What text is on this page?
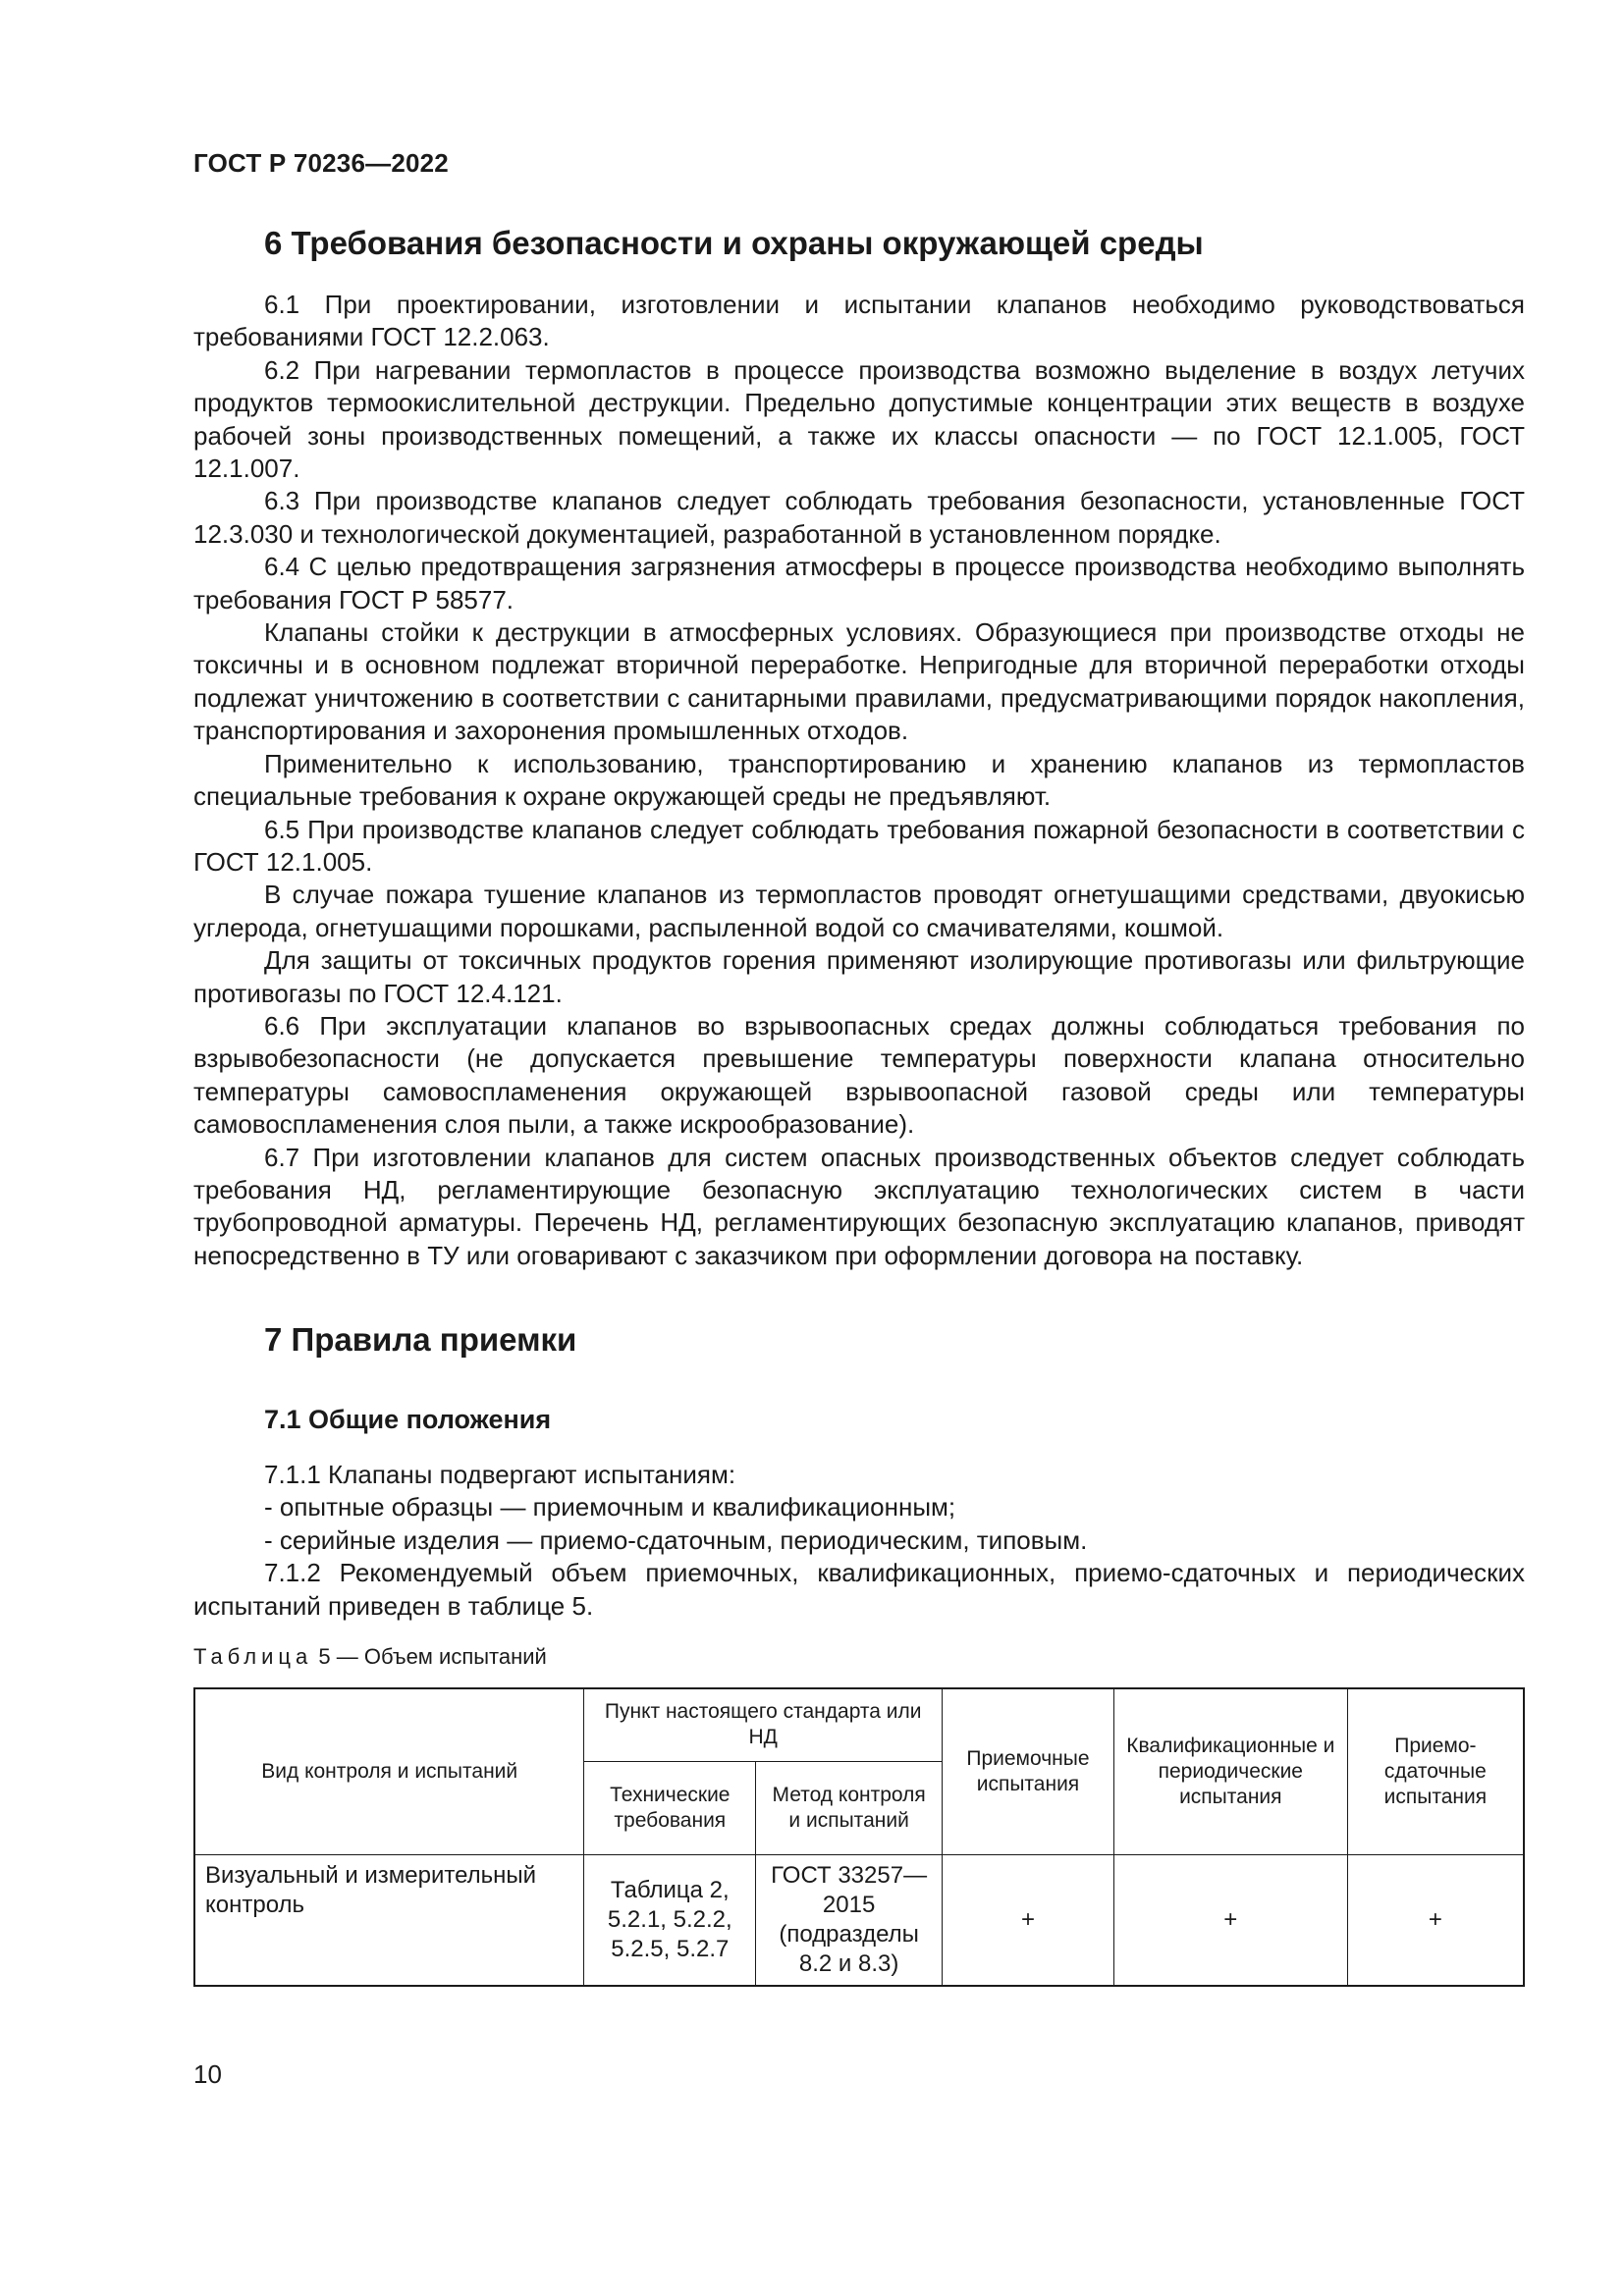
ГОСТ Р 70236—2022
6 Требования безопасности и охраны окружающей среды

6.1 При проектировании, изготовлении и испытании клапанов необходимо руководствоваться требованиями ГОСТ 12.2.063.

6.2 При нагревании термопластов в процессе производства возможно выделение в воздух летучих продуктов термоокислительной деструкции. Предельно допустимые концентрации этих веществ в воздухе рабочей зоны производственных помещений, а также их классы опасности — по ГОСТ 12.1.005, ГОСТ 12.1.007.

6.3 При производстве клапанов следует соблюдать требования безопасности, установленные ГОСТ 12.3.030 и технологической документацией, разработанной в установленном порядке.

6.4 С целью предотвращения загрязнения атмосферы в процессе производства необходимо выполнять требования ГОСТ Р 58577.

Клапаны стойки к деструкции в атмосферных условиях. Образующиеся при производстве отходы не токсичны и в основном подлежат вторичной переработке. Непригодные для вторичной переработки отходы подлежат уничтожению в соответствии с санитарными правилами, предусматривающими порядок накопления, транспортирования и захоронения промышленных отходов.

Применительно к использованию, транспортированию и хранению клапанов из термопластов специальные требования к охране окружающей среды не предъявляют.

6.5 При производстве клапанов следует соблюдать требования пожарной безопасности в соответствии с ГОСТ 12.1.005.

В случае пожара тушение клапанов из термопластов проводят огнетушащими средствами, двуокисью углерода, огнетушащими порошками, распыленной водой со смачивателями, кошмой.

Для защиты от токсичных продуктов горения применяют изолирующие противогазы или фильтрующие противогазы по ГОСТ 12.4.121.

6.6 При эксплуатации клапанов во взрывоопасных средах должны соблюдаться требования по взрывобезопасности (не допускается превышение температуры поверхности клапана относительно температуры самовоспламенения окружающей взрывоопасной газовой среды или температуры самовоспламенения слоя пыли, а также искрообразование).

6.7 При изготовлении клапанов для систем опасных производственных объектов следует соблюдать требования НД, регламентирующие безопасную эксплуатацию технологических систем в части трубопроводной арматуры. Перечень НД, регламентирующих безопасную эксплуатацию клапанов, приводят непосредственно в ТУ или оговаривают с заказчиком при оформлении договора на поставку.

7 Правила приемки
7.1 Общие положения

7.1.1 Клапаны подвергают испытаниям:

- опытные образцы — приемочным и квалификационным;

- серийные изделия — приемо-сдаточным, периодическим, типовым.

7.1.2 Рекомендуемый объем приемочных, квалификационных, приемо-сдаточных и периодических испытаний приведен в таблице 5.

Таблица 5 — Объем испытаний
Вид контроля и испытаний	Пункт настоящего стандарта или НД		Приемочные испытания	Квалификационные и периодические испытания	Приемо-сдаточные испытания
	Технические требования	Метод контроля и испытаний			
Визуальный и измерительный контроль	Таблица 2, 5.2.1, 5.2.2, 5.2.5, 5.2.7	ГОСТ 33257—2015 (подразделы 8.2 и 8.3)	+	+	+
10
